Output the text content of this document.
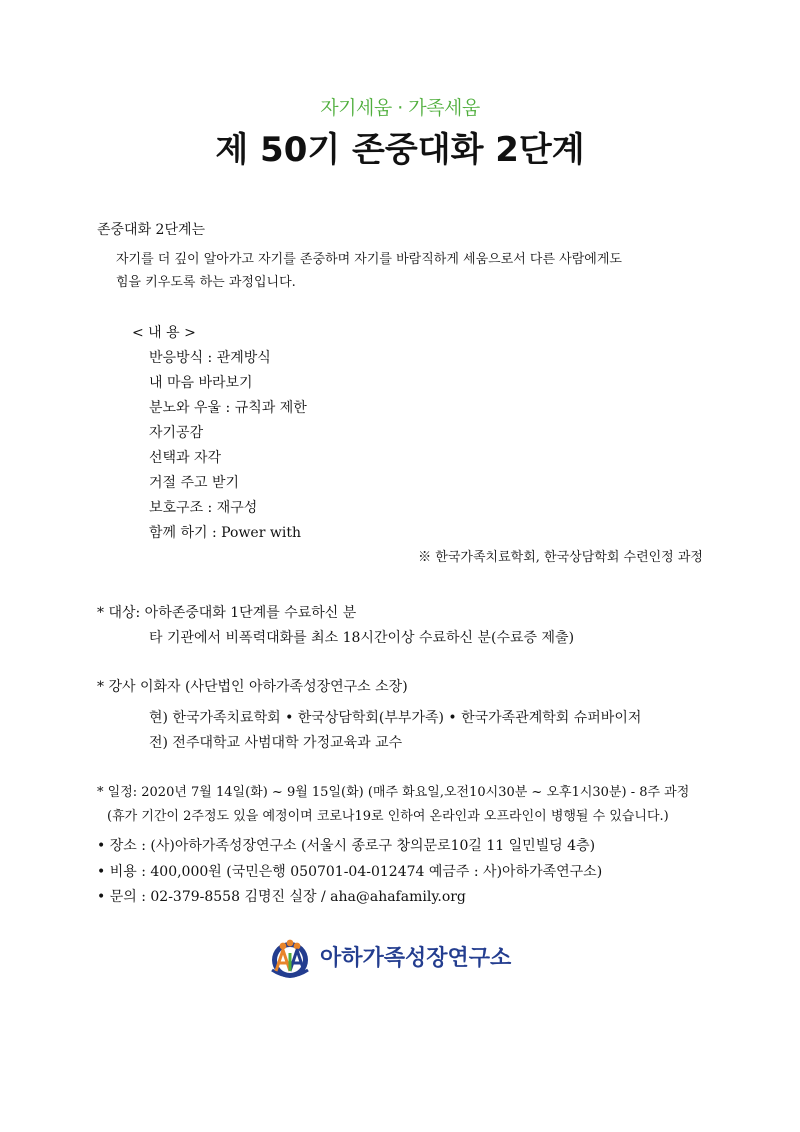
자기세움 · 가족세움
제 50기 존중대화 2단계
존중대화 2단계는
자기를 더 깊이 알아가고 자기를 존중하며 자기를 바람직하게 세움으로서 다른 사람에게도
힘을 키우도록 하는 과정입니다.
< 내 용 >
반응방식 : 관계방식
내 마음 바라보기
분노와 우울 : 규칙과 제한
자기공감
선택과 자각
거절 주고 받기
보호구조 : 재구성
함께 하기 : Power with
※ 한국가족치료학회, 한국상담학회 수련인정 과정
* 대상: 아하존중대화 1단계를 수료하신 분
타 기관에서 비폭력대화를 최소 18시간이상 수료하신 분(수료증 제출)
* 강사 이화자 (사단법인 아하가족성장연구소 소장)
현) 한국가족치료학회 • 한국상담학회(부부가족) • 한국가족관계학회 슈퍼바이저
전) 전주대학교 사범대학 가정교육과 교수
* 일정: 2020년 7월 14일(화) ~ 9월 15일(화) (매주 화요일,오전10시30분 ~ 오후1시30분) - 8주 과정
(휴가 기간이 2주정도 있을 예정이며 코로나19로 인하여 온라인과 오프라인이 병행될 수 있습니다.)
• 장소 : (사)아하가족성장연구소 (서울시 종로구 창의문로10길 11 일민빌딩 4층)
• 비용 : 400,000원 (국민은행 050701-04-012474 예금주 : 사)아하가족연구소)
• 문의 : 02-379-8558 김명진 실장 / aha@ahafamily.org
아하가족성장연구소
